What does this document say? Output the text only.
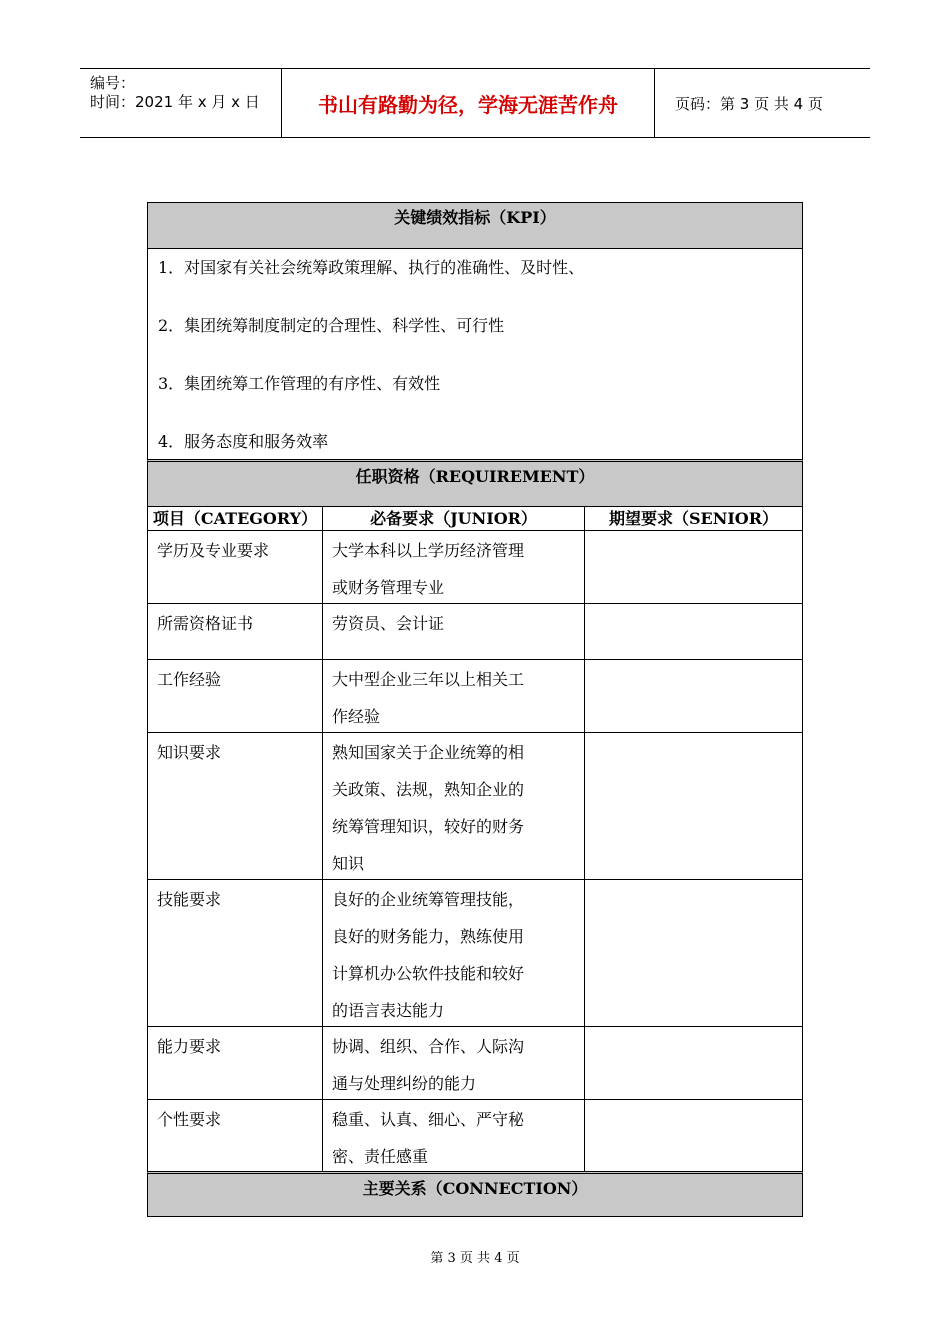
编号：
时间：2021 年 x 月 x 日	书山有路勤为径，学海无涯苦作舟	页码：第 3 页 共 4 页
关键绩效指标（KPI）
1．对国家有关社会统筹政策理解、执行的准确性、及时性、
2．集团统筹制度制定的合理性、科学性、可行性
3．集团统筹工作管理的有序性、有效性
4．服务态度和服务效率
任职资格（REQUIREMENT）
项目（CATEGORY）	必备要求（JUNIOR）	期望要求（SENIOR）
学历及专业要求	大学本科以上学历经济管理
或财务管理专业
所需资格证书	劳资员、会计证
工作经验	大中型企业三年以上相关工
作经验
知识要求	熟知国家关于企业统筹的相
关政策、法规，熟知企业的
统筹管理知识，较好的财务
知识
技能要求	良好的企业统筹管理技能，
良好的财务能力，熟练使用
计算机办公软件技能和较好
的语言表达能力
能力要求	协调、组织、合作、人际沟
通与处理纠纷的能力
个性要求	稳重、认真、细心、严守秘
密、责任感重
主要关系（CONNECTION）
第 3 页 共 4 页
